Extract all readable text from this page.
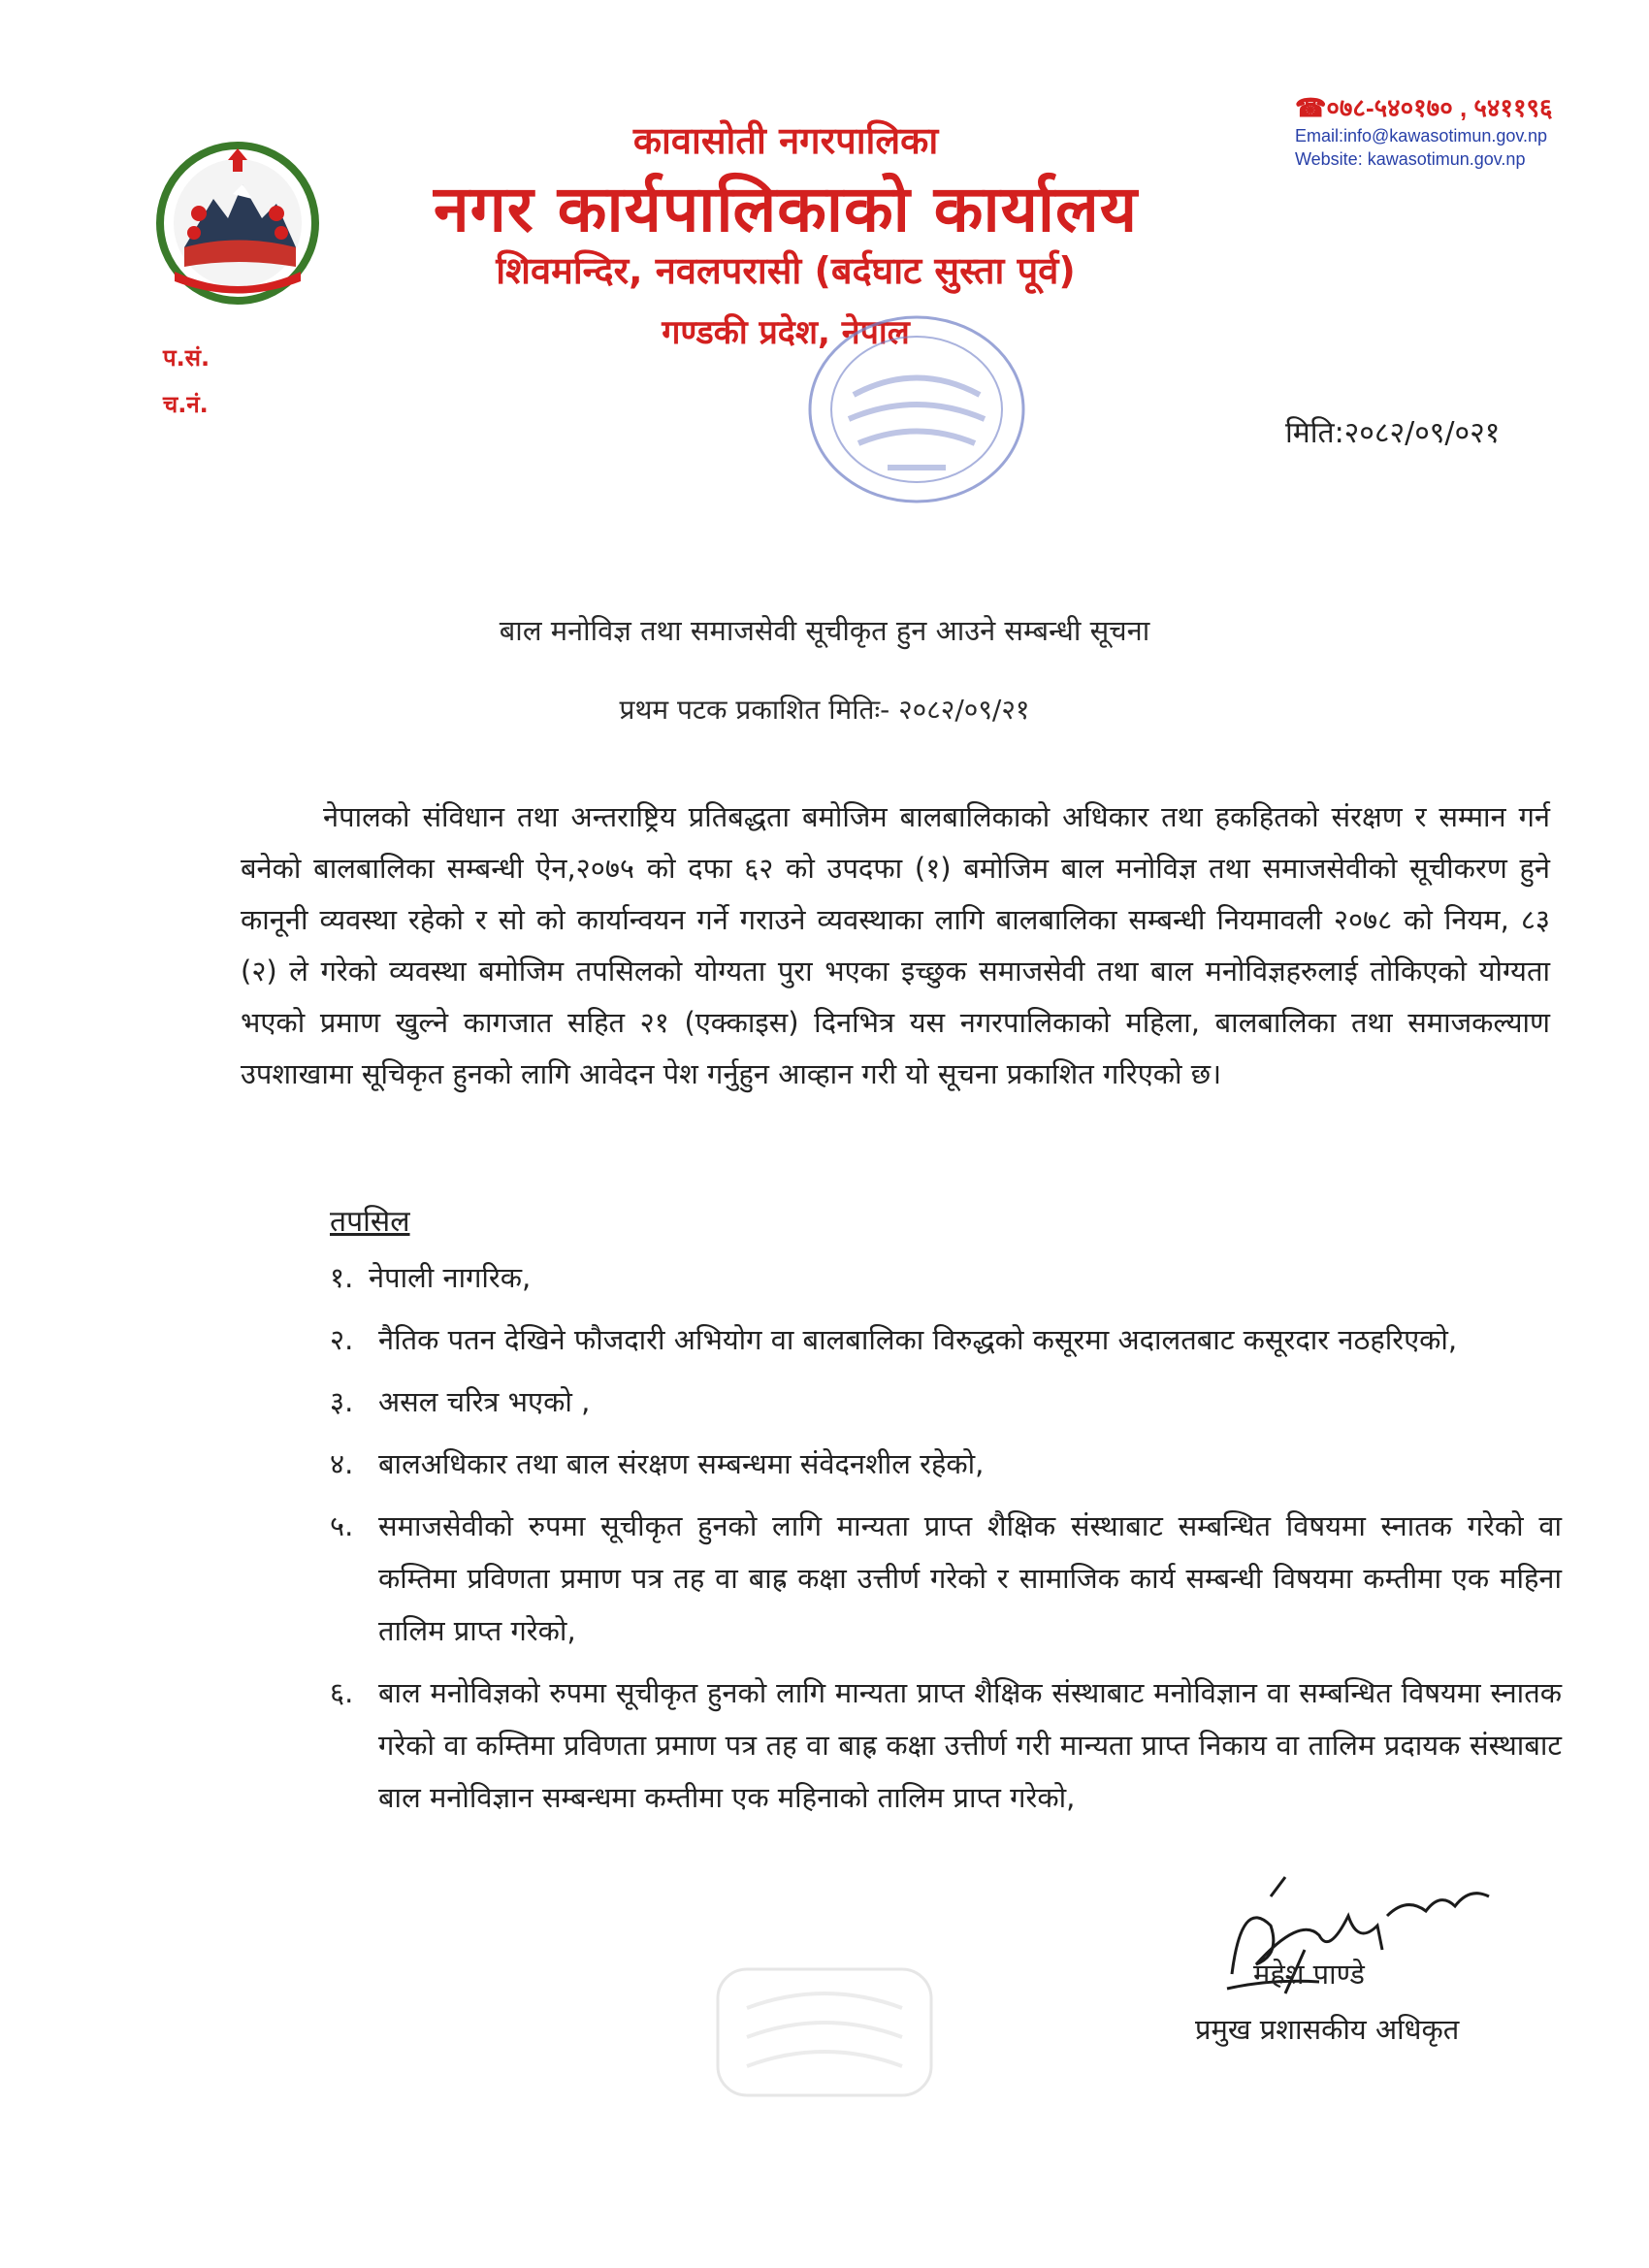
कावासोती नगरपालिका
नगर कार्यपालिकाको कार्यालय
शिवमन्दिर, नवलपरासी (बर्दघाट सुस्ता पूर्व)
गण्डकी प्रदेश, नेपाल
☎०७८-५४०१७० , ५४११९६
Email:info@kawasotimun.gov.np
Website: kawasotimun.gov.np
प.सं.
च.नं.
मिति:२०८२/०९/०२१
बाल मनोविज्ञ तथा समाजसेवी सूचीकृत हुन आउने सम्बन्धी सूचना
प्रथम पटक प्रकाशित मितिः- २०८२/०९/२१

नेपालको संविधान तथा अन्तराष्ट्रिय प्रतिबद्धता बमोजिम बालबालिकाको अधिकार तथा हकहितको संरक्षण र सम्मान गर्न बनेको बालबालिका सम्बन्धी ऐन,२०७५ को दफा ६२ को उपदफा (१) बमोजिम बाल मनोविज्ञ तथा समाजसेवीको सूचीकरण हुने कानूनी व्यवस्था रहेको र सो को कार्यान्वयन गर्ने गराउने व्यवस्थाका लागि बालबालिका सम्बन्धी नियमावली २०७८ को नियम, ८३ (२) ले गरेको व्यवस्था बमोजिम तपसिलको योग्यता पुरा भएका इच्छुक समाजसेवी तथा बाल मनोविज्ञहरुलाई तोकिएको योग्यता भएको प्रमाण खुल्ने कागजात सहित २१ (एक्काइस) दिनभित्र यस नगरपालिकाको महिला, बालबालिका तथा समाजकल्याण उपशाखामा सूचिकृत हुनको लागि आवेदन पेश गर्नुहुन आव्हान गरी यो सूचना प्रकाशित गरिएको छ।

तपसिल
१. नेपाली नागरिक,
२. नैतिक पतन देखिने फौजदारी अभियोग वा बालबालिका विरुद्धको कसूरमा अदालतबाट कसूरदार नठहरिएको,
३. असल चरित्र भएको ,
४. बालअधिकार तथा बाल संरक्षण सम्बन्धमा संवेदनशील रहेको,
५. समाजसेवीको रुपमा सूचीकृत हुनको लागि मान्यता प्राप्त शैक्षिक संस्थाबाट सम्बन्धित विषयमा स्नातक गरेको वा कम्तिमा प्रविणता प्रमाण पत्र तह वा बाह्र कक्षा उत्तीर्ण गरेको र सामाजिक कार्य सम्बन्धी विषयमा कम्तीमा एक महिना तालिम प्राप्त गरेको,
६. बाल मनोविज्ञको रुपमा सूचीकृत हुनको लागि मान्यता प्राप्त शैक्षिक संस्थाबाट मनोविज्ञान वा सम्बन्धित विषयमा स्नातक गरेको वा कम्तिमा प्रविणता प्रमाण पत्र तह वा बाह्र कक्षा उत्तीर्ण गरी मान्यता प्राप्त निकाय वा तालिम प्रदायक संस्थाबाट बाल मनोविज्ञान सम्बन्धमा कम्तीमा एक महिनाको तालिम प्राप्त गरेको,
महेश पाण्डे
प्रमुख प्रशासकीय अधिकृत
